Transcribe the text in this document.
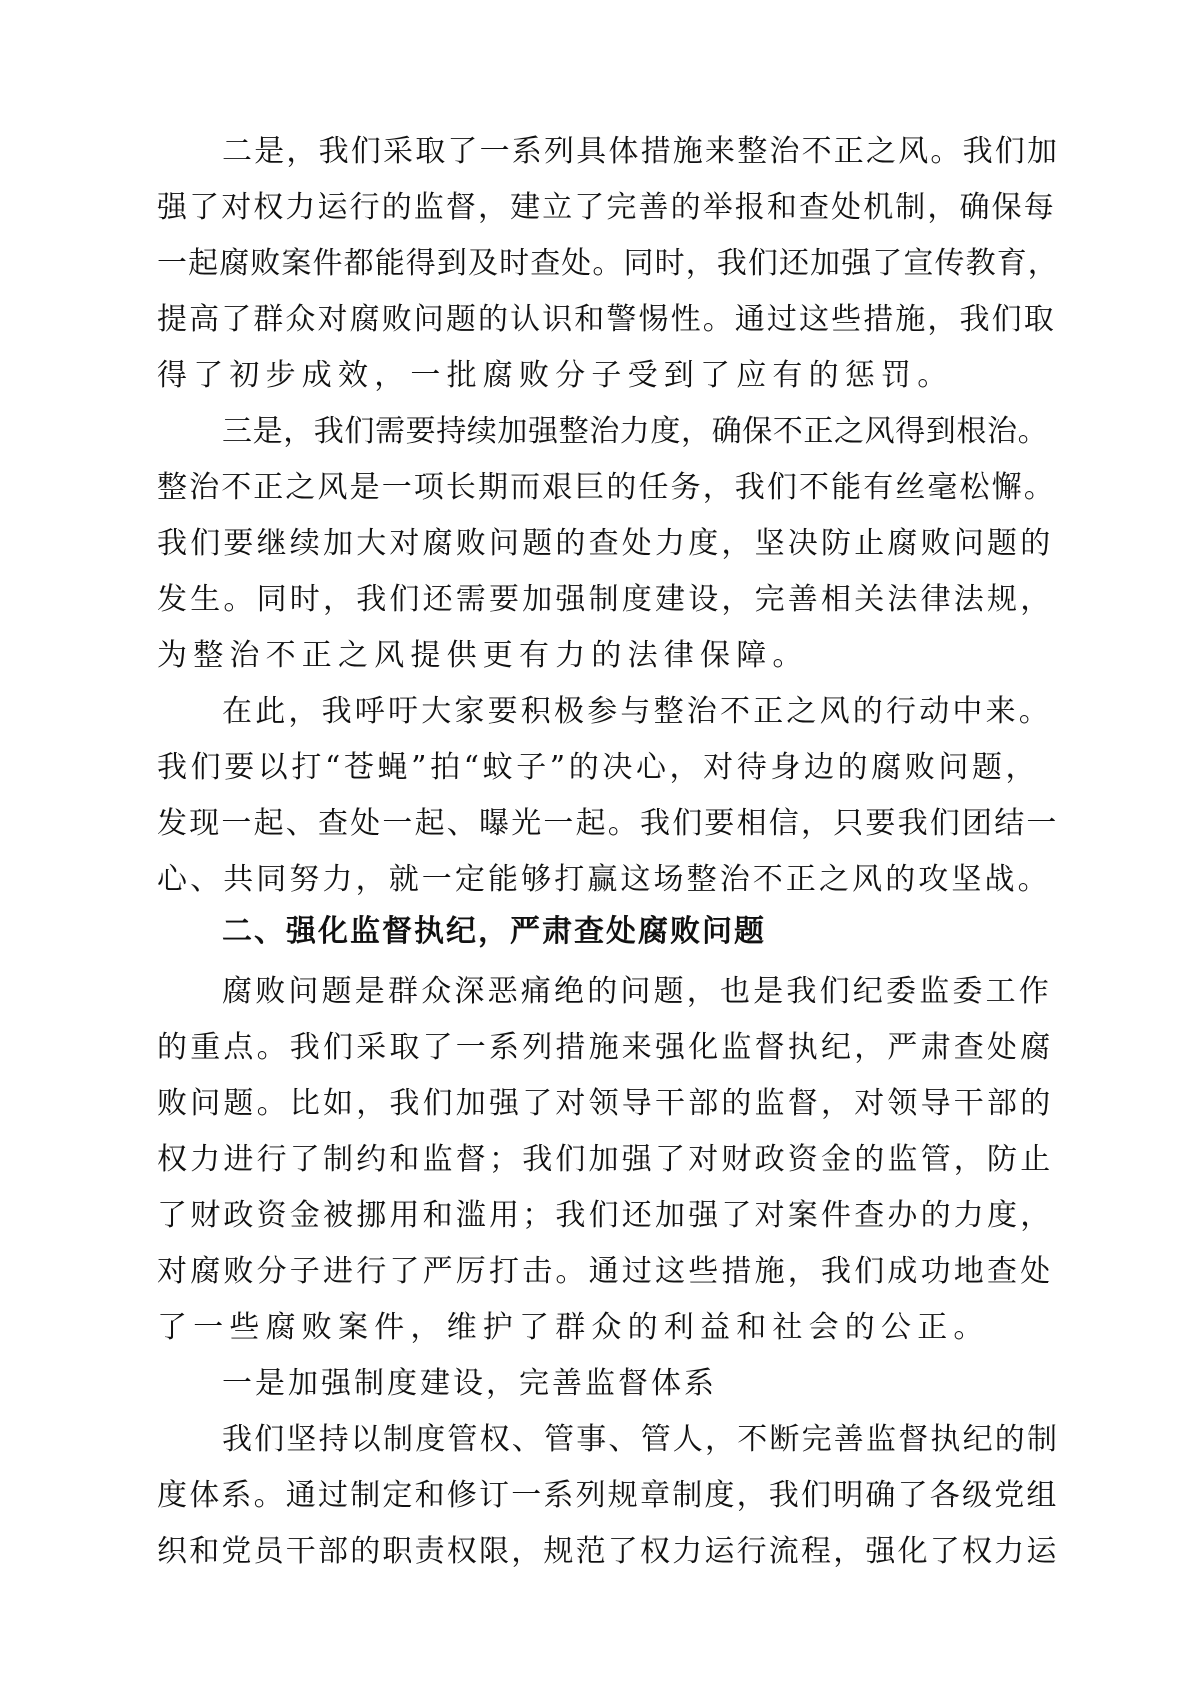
二是，我们采取了一系列具体措施来整治不正之风。我们加
强了对权力运行的监督，建立了完善的举报和查处机制，确保每
一起腐败案件都能得到及时查处。同时，我们还加强了宣传教育，
提高了群众对腐败问题的认识和警惕性。通过这些措施，我们取
得了初步成效，一批腐败分子受到了应有的惩罚。
三是，我们需要持续加强整治力度，确保不正之风得到根治。
整治不正之风是一项长期而艰巨的任务，我们不能有丝毫松懈。
我们要继续加大对腐败问题的查处力度，坚决防止腐败问题的
发生。同时，我们还需要加强制度建设，完善相关法律法规，
为整治不正之风提供更有力的法律保障。
在此，我呼吁大家要积极参与整治不正之风的行动中来。
我们要以打“苍蝇”拍“蚊子”的决心，对待身边的腐败问题，
发现一起、查处一起、曝光一起。我们要相信，只要我们团结一
心、共同努力，就一定能够打赢这场整治不正之风的攻坚战。
二、强化监督执纪，严肃查处腐败问题
腐败问题是群众深恶痛绝的问题，也是我们纪委监委工作
的重点。我们采取了一系列措施来强化监督执纪，严肃查处腐
败问题。比如，我们加强了对领导干部的监督，对领导干部的
权力进行了制约和监督；我们加强了对财政资金的监管，防止
了财政资金被挪用和滥用；我们还加强了对案件查办的力度，
对腐败分子进行了严厉打击。通过这些措施，我们成功地查处
了一些腐败案件，维护了群众的利益和社会的公正。
一是加强制度建设，完善监督体系
我们坚持以制度管权、管事、管人，不断完善监督执纪的制
度体系。通过制定和修订一系列规章制度，我们明确了各级党组
织和党员干部的职责权限，规范了权力运行流程，强化了权力运
